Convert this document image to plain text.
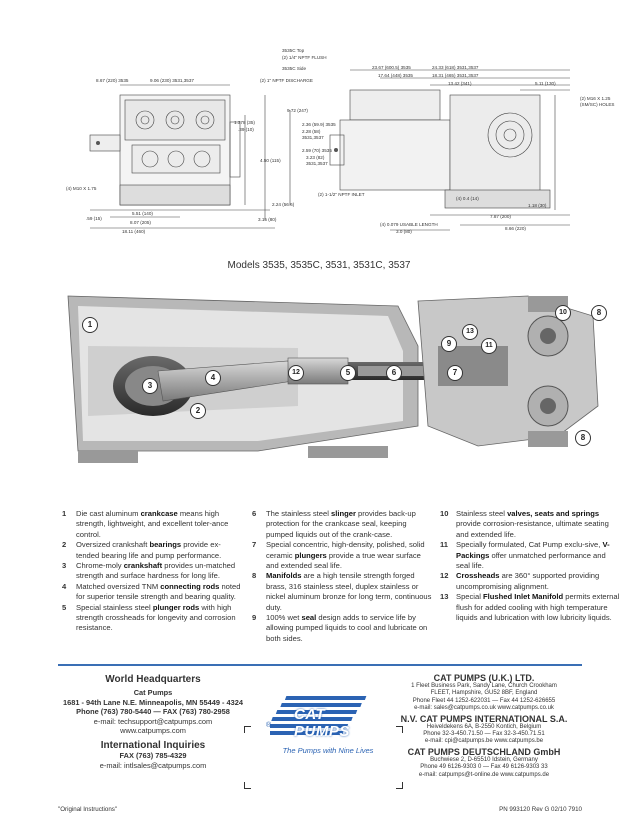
8.67 (220) 3535	9.06 (230) 3531,3537
3535C Top
(2) 1/4" NPTF FLUSH
3535C Side
(2) 1" NPTF DISCHARGE
23.67 (600.5) 3535	24.33 (618) 3531,3537
17.64 (448) 3535	18.31 (465) 3531,3537
13.42 (341)	5.11 (130)
(2) M16 X 1.25
(SM/SC) HOLES
9.72 (247)
1.378 (35)
.39 (10)
2.36 (59.9) 3535
2.28 (58)
3531,3537
2.59 (70) 3535
3.23 (82)
3531,3537
4.50 (115)
(4) M10 X 1.75
2.24 (56.6)
(2) 1-1/2" NPTF INLET
(4) 0.4 (14)
1.18 (30)
.59 (15)
5.51 (140)
8.07 (205)
18.11 (460)
3.15 (80)
(4) 0.079 USABLE LENGTH
3.0 (80)
7.87 (200)
8.66 (220)
Models 3535, 3535C, 3531, 3531C, 3537
1
2
3
4
5	6	7
8
8
9
10
11
12
13
1 Die cast aluminum crankcase means high strength, lightweight, and excellent toler-ance control.
2 Oversized crankshaft bearings provide ex-tended bearing life and pump performance.
3 Chrome-moly crankshaft provides un-matched strength and surface hardness for long life.
4 Matched oversized TNM connecting rods noted for superior tensile strength and bearing quality.
5 Special stainless steel plunger rods with high strength crossheads for longevity and corrosion resistance.
6 The stainless steel slinger provides back-up protection for the crankcase seal, keeping pumped liquids out of the crank-case.
7 Special concentric, high-density, polished, solid ceramic plungers provide a true wear surface and extended seal life.
8 Manifolds are a high tensile strength forged brass, 316 stainless steel, duplex stainless or nickel aluminum bronze for long term, continuous duty.
9 100% wet seal design adds to service life by allowing pumped liquids to cool and lubricate on both sides.
10 Stainless steel valves, seats and springs provide corrosion-resistance, ultimate seating and extended life.
11 Specially formulated, Cat Pump exclu-sive, V-Packings offer unmatched performance and seal life.
12 Crossheads are 360° supported providing uncompromising alignment.
13 Special Flushed Inlet Manifold permits external flush for added cooling with high temperature liquids and lubrication with low lubricity liquids.
World Headquarters
Cat Pumps
1681 - 94th Lane N.E. Minneapolis, MN 55449 - 4324
Phone (763) 780-5440 — FAX (763) 780-2958
e-mail: techsupport@catpumps.com
www.catpumps.com
International Inquiries
FAX (763) 785-4329
e-mail: intlsales@catpumps.com
CAT PUMPS
®
The Pumps with Nine Lives
CAT PUMPS (U.K.) LTD.
1 Fleet Business Park, Sandy Lane, Church Crookham
FLEET, Hampshire, GU52 8BF, England
Phone Fleet 44 1252-622031 — Fax 44 1252-626655
e-mail: sales@catpumps.co.uk www.catpumps.co.uk
N.V. CAT PUMPS INTERNATIONAL S.A.
Heiveldekens 6A, B-2550 Kontich, Belgium
Phone 32-3-450.71.50 — Fax 32-3-450.71.51
e-mail: cpi@catpumps.be www.catpumps.be
CAT PUMPS DEUTSCHLAND GmbH
Buchwiese 2, D-65510 Idstein, Germany
Phone 49 6126-9303 0 — Fax 49 6126-9303 33
e-mail: catpumps@t-online.de www.catpumps.de
"Original Instructions"	PN 993120 Rev G 02/10 7910
